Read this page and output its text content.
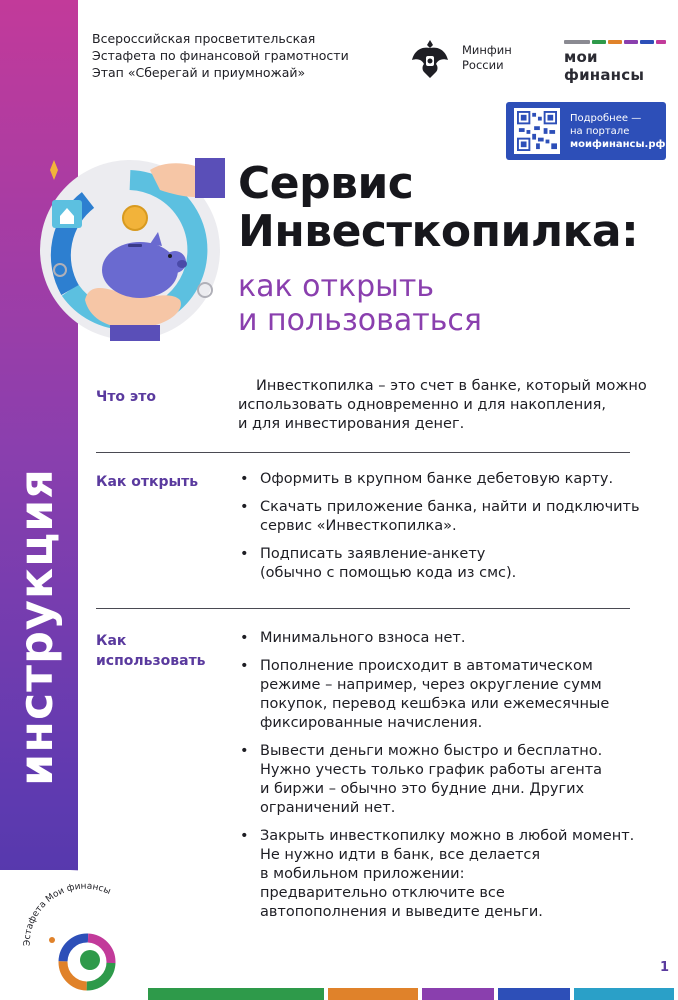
инструкция
Всероссийская просветительская
Эстафета по финансовой грамотности
Этап «Сберегай и приумножай»
Минфин
России	мои финансы
Подробнее —
на портале
моифинансы.рф
Сервис
Инвесткопилка:
как открыть
и пользоваться
Что это
Инвесткопилка – это счет в банке, который можно
использовать одновременно и для накопления,
и для инвестирования денег.
Как открыть
•	Оформить в крупном банке дебетовую карту.
• Скачать приложение банка, найти и подключить
сервис «Инвесткопилка».
• Подписать заявление-анкету
(обычно с помощью кода из смс).
Как
использовать
• Минимального взноса нет.
• Пополнение происходит в автоматическом
режиме – например, через округление сумм
покупок, перевод кешбэка или ежемесячные
фиксированные начисления.
• Вывести деньги можно быстро и бесплатно.
Нужно учесть только график работы агента
и биржи – обычно это будние дни. Других
ограничений нет.
• Закрыть инвесткопилку можно в любой момент.
Не нужно идти в банк, все делается
в мобильном приложении:
предварительно отключите все
автопополнения и выведите деньги.
Эстафета Мои финансы
1
